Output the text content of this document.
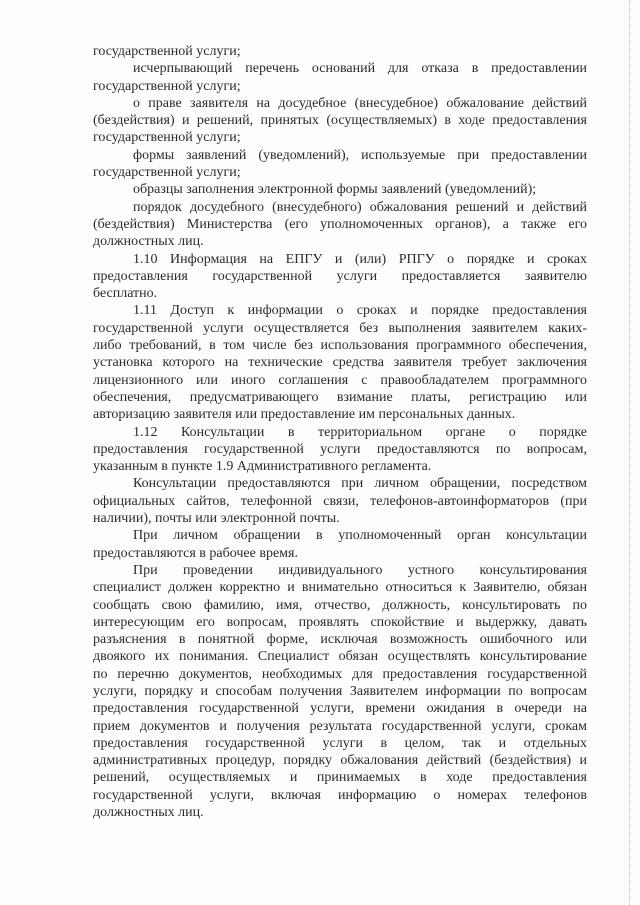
государственной услуги;
исчерпывающий перечень оснований для отказа в предоставлении
государственной услуги;
о праве заявителя на досудебное (внесудебное) обжалование действий
(бездействия) и решений, принятых (осуществляемых) в ходе предоставления
государственной услуги;
формы заявлений (уведомлений), используемые при предоставлении
государственной услуги;
образцы заполнения электронной формы заявлений (уведомлений);
порядок досудебного (внесудебного) обжалования решений и действий
(бездействия) Министерства (его уполномоченных органов), а также его
должностных лиц.
1.10 Информация на ЕПГУ и (или) РПГУ о порядке и сроках
предоставления государственной услуги предоставляется заявителю
бесплатно.
1.11 Доступ к информации о сроках и порядке предоставления
государственной услуги осуществляется без выполнения заявителем каких-
либо требований, в том числе без использования программного обеспечения,
установка которого на технические средства заявителя требует заключения
лицензионного или иного соглашения с правообладателем программного
обеспечения, предусматривающего взимание платы, регистрацию или
авторизацию заявителя или предоставление им персональных данных.
1.12 Консультации в территориальном органе о порядке
предоставления государственной услуги предоставляются по вопросам,
указанным в пункте 1.9 Административного регламента.
Консультации предоставляются при личном обращении, посредством
официальных сайтов, телефонной связи, телефонов-автоинформаторов (при
наличии), почты или электронной почты.
При личном обращении в уполномоченный орган консультации
предоставляются в рабочее время.
При проведении индивидуального устного консультирования
специалист должен корректно и внимательно относиться к Заявителю, обязан
сообщать свою фамилию, имя, отчество, должность, консультировать по
интересующим его вопросам, проявлять спокойствие и выдержку, давать
разъяснения в понятной форме, исключая возможность ошибочного или
двоякого их понимания. Специалист обязан осуществлять консультирование
по перечню документов, необходимых для предоставления государственной
услуги, порядку и способам получения Заявителем информации по вопросам
предоставления государственной услуги, времени ожидания в очереди на
прием документов и получения результата государственной услуги, срокам
предоставления государственной услуги в целом, так и отдельных
административных процедур, порядку обжалования действий (бездействия) и
решений, осуществляемых и принимаемых в ходе предоставления
государственной услуги, включая информацию о номерах телефонов
должностных лиц.
